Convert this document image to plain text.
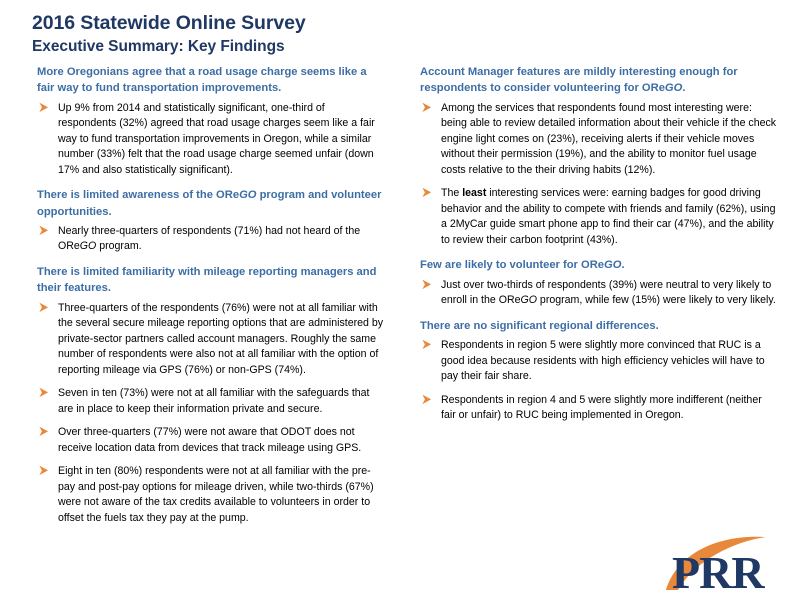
2016 Statewide Online Survey
Executive Summary: Key Findings
More Oregonians agree that a road usage charge seems like a fair way to fund transportation improvements.
Up 9% from 2014 and statistically significant, one-third of respondents (32%) agreed that road usage charges seem like a fair way to fund transportation improvements in Oregon, while a similar number (33%) felt that the road usage charge seemed unfair (down 17% and also statistically significant).
There is limited awareness of the OReGO program and volunteer opportunities.
Nearly three-quarters of respondents (71%) had not heard of the OReGO program.
There is limited familiarity with mileage reporting managers and their features.
Three-quarters of the respondents (76%) were not at all familiar with the several secure mileage reporting options that are administered by private-sector partners called account managers. Roughly the same number of respondents were also not at all familiar with the option of reporting mileage via GPS (76%) or non-GPS (74%).
Seven in ten (73%) were not at all familiar with the safeguards that are in place to keep their information private and secure.
Over three-quarters (77%) were not aware that ODOT does not receive location data from devices that track mileage using GPS.
Eight in ten (80%) respondents were not at all familiar with the pre-pay and post-pay options for mileage driven, while two-thirds (67%) were not aware of the tax credits available to volunteers in order to offset the fuels tax they pay at the pump.
Account Manager features are mildly interesting enough for respondents to consider volunteering for OReGO.
Among the services that respondents found most interesting were: being able to review detailed information about their vehicle if the check engine light comes on (23%), receiving alerts if their vehicle moves without their permission (19%), and the ability to monitor fuel usage costs relative to the their driving habits (12%).
The least interesting services were: earning badges for good driving behavior and the ability to compete with friends and family (62%), using a 2MyCar guide smart phone app to find their car (47%), and the ability to review their carbon footprint (43%).
Few are likely to volunteer for OReGO.
Just over two-thirds of respondents (39%) were neutral to very likely to enroll in the OReGO program, while few (15%) were likely to very likely.
There are no significant regional differences.
Respondents in region 5 were slightly more convinced that RUC is a good idea because residents with high efficiency vehicles will have to pay their fair share.
Respondents in region 4 and 5 were slightly more indifferent (neither fair or unfair) to RUC being implemented in Oregon.
PRR
